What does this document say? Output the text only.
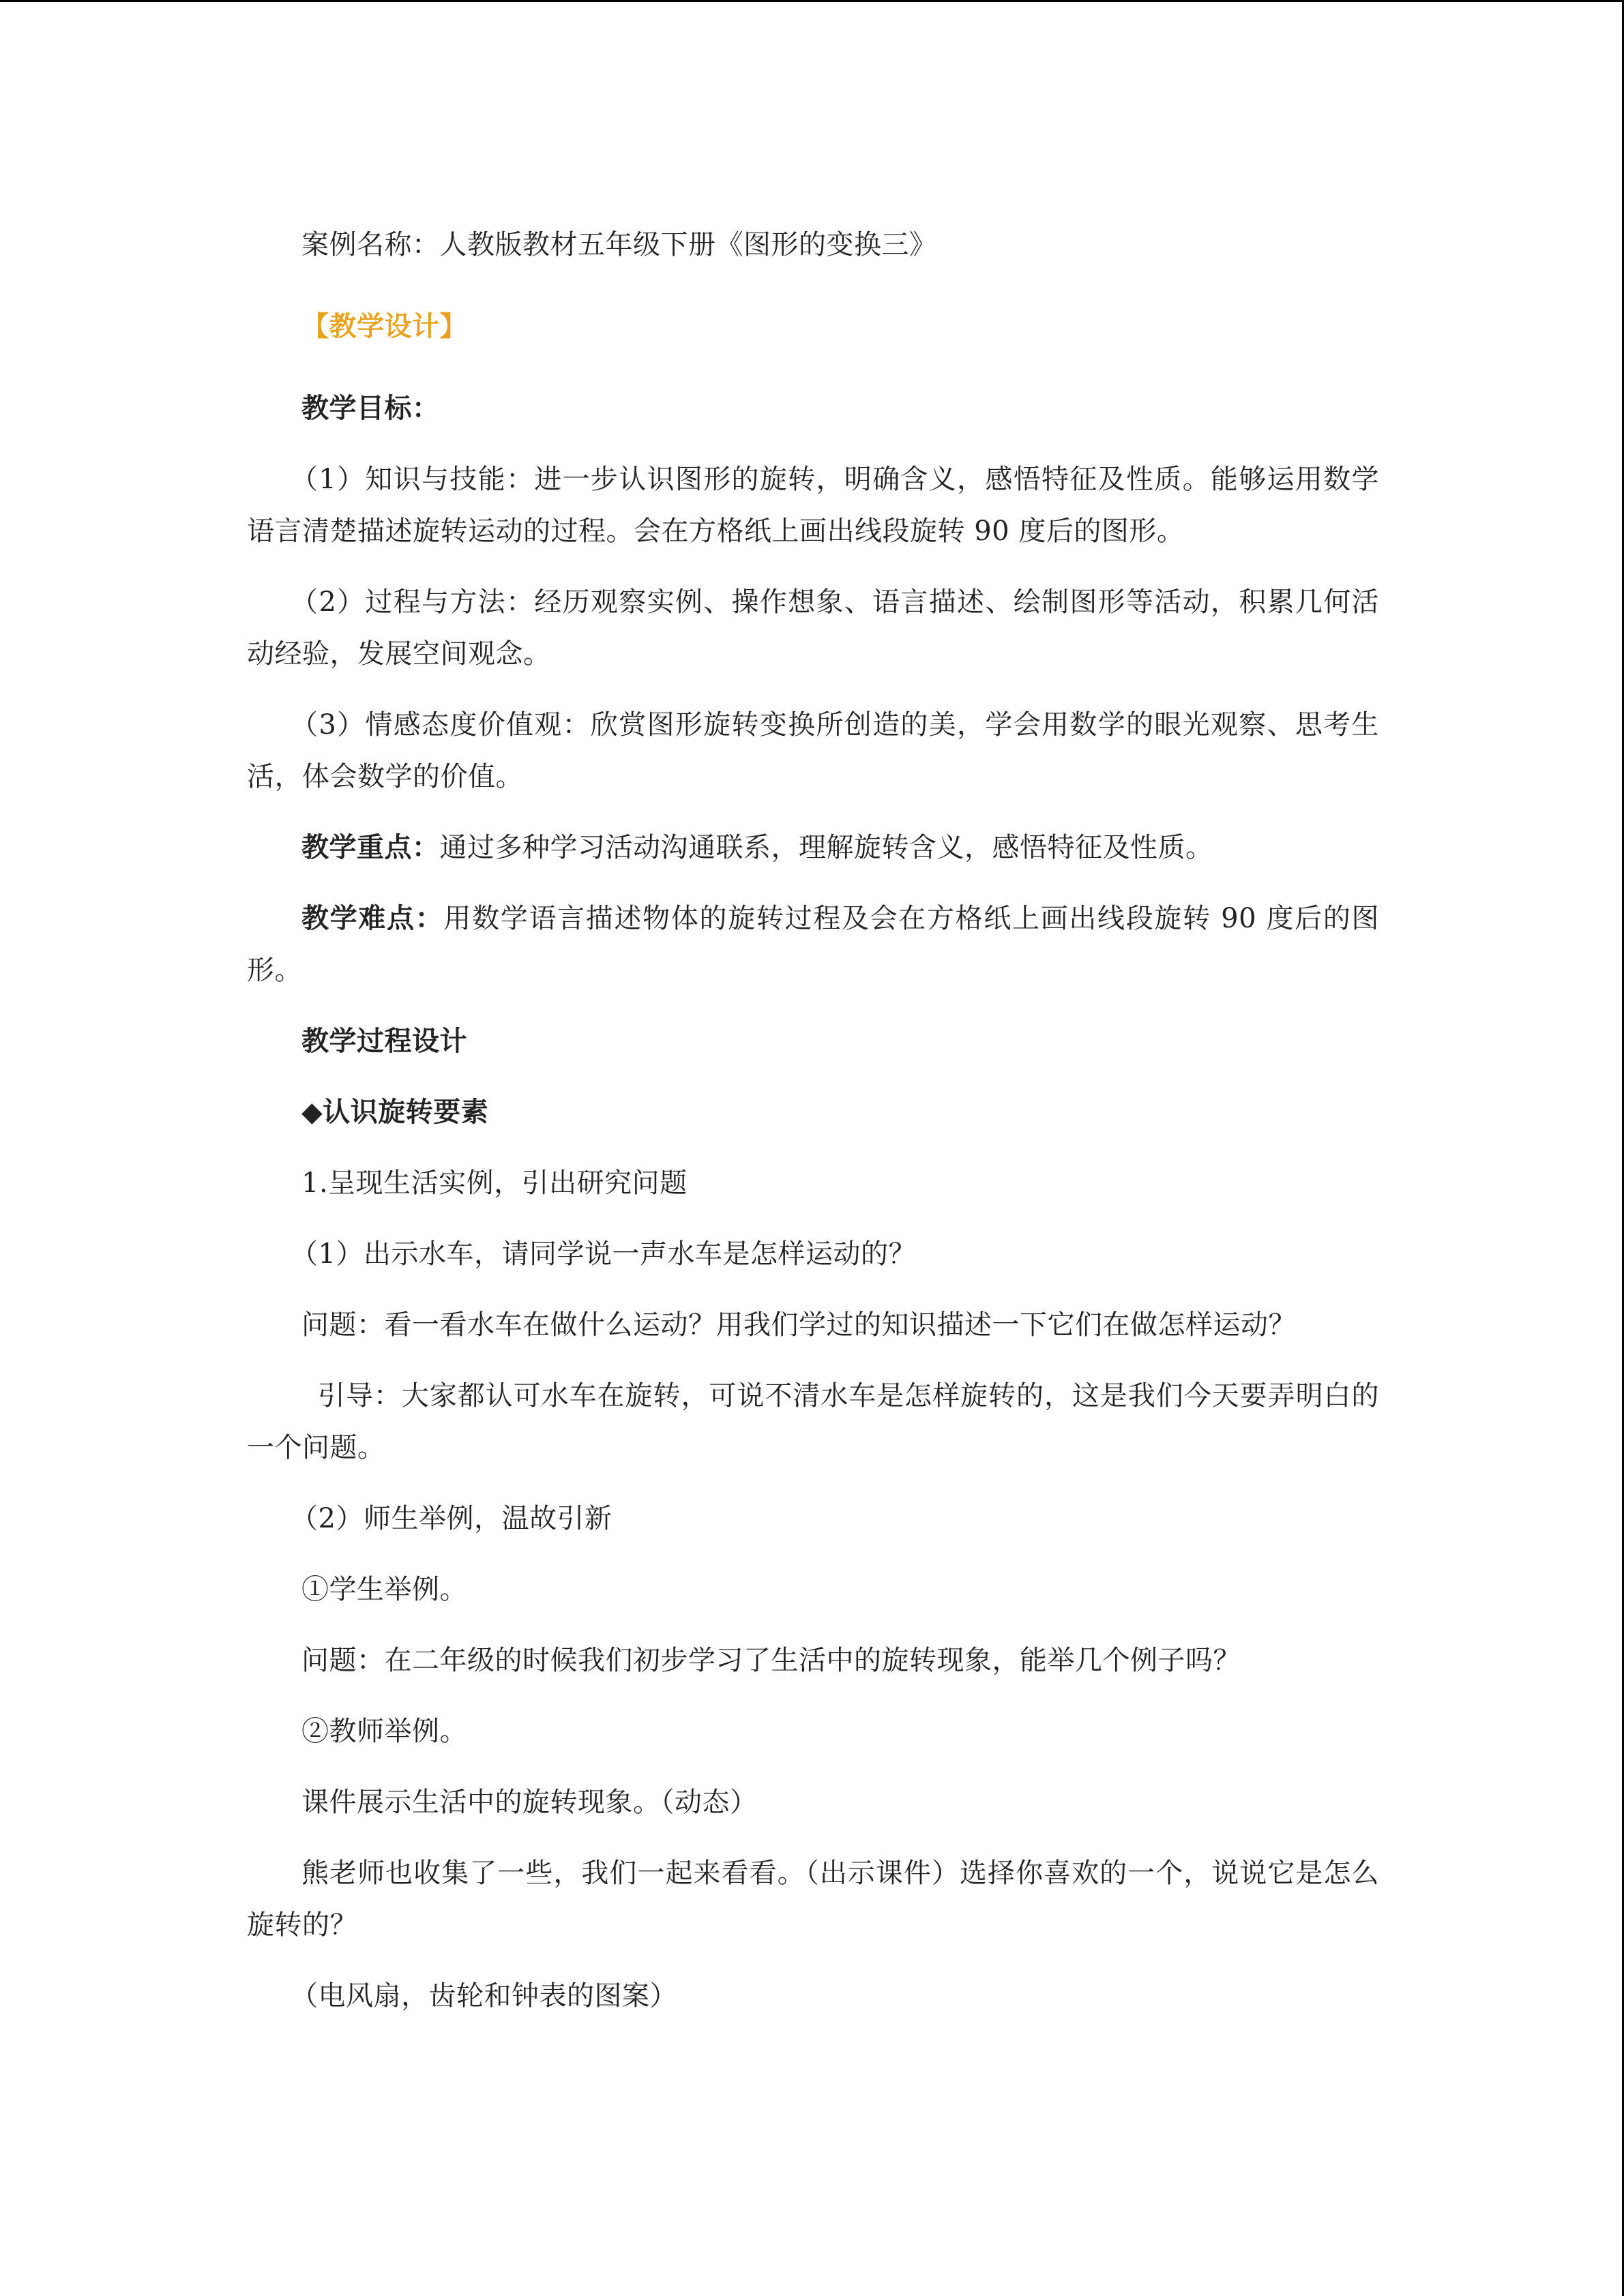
案例名称：人教版教材五年级下册《图形的变换三》

【教学设计】

教学目标：

（1）知识与技能：进一步认识图形的旋转，明确含义，感悟特征及性质。能够运用数学语言清楚描述旋转运动的过程。会在方格纸上画出线段旋转 90 度后的图形。

（2）过程与方法：经历观察实例、操作想象、语言描述、绘制图形等活动，积累几何活动经验，发展空间观念。

（3）情感态度价值观：欣赏图形旋转变换所创造的美，学会用数学的眼光观察、思考生活，体会数学的价值。

教学重点：通过多种学习活动沟通联系，理解旋转含义，感悟特征及性质。

教学难点：用数学语言描述物体的旋转过程及会在方格纸上画出线段旋转 90 度后的图形。

教学过程设计

◆认识旋转要素

1.呈现生活实例，引出研究问题

（1）出示水车，请同学说一声水车是怎样运动的？

问题：看一看水车在做什么运动？用我们学过的知识描述一下它们在做怎样运动？

引导：大家都认可水车在旋转，可说不清水车是怎样旋转的，这是我们今天要弄明白的一个问题。

（2）师生举例，温故引新

①学生举例。

问题：在二年级的时候我们初步学习了生活中的旋转现象，能举几个例子吗？

②教师举例。

课件展示生活中的旋转现象。（动态）

熊老师也收集了一些，我们一起来看看。（出示课件）选择你喜欢的一个，说说它是怎么旋转的？

（电风扇，齿轮和钟表的图案）
